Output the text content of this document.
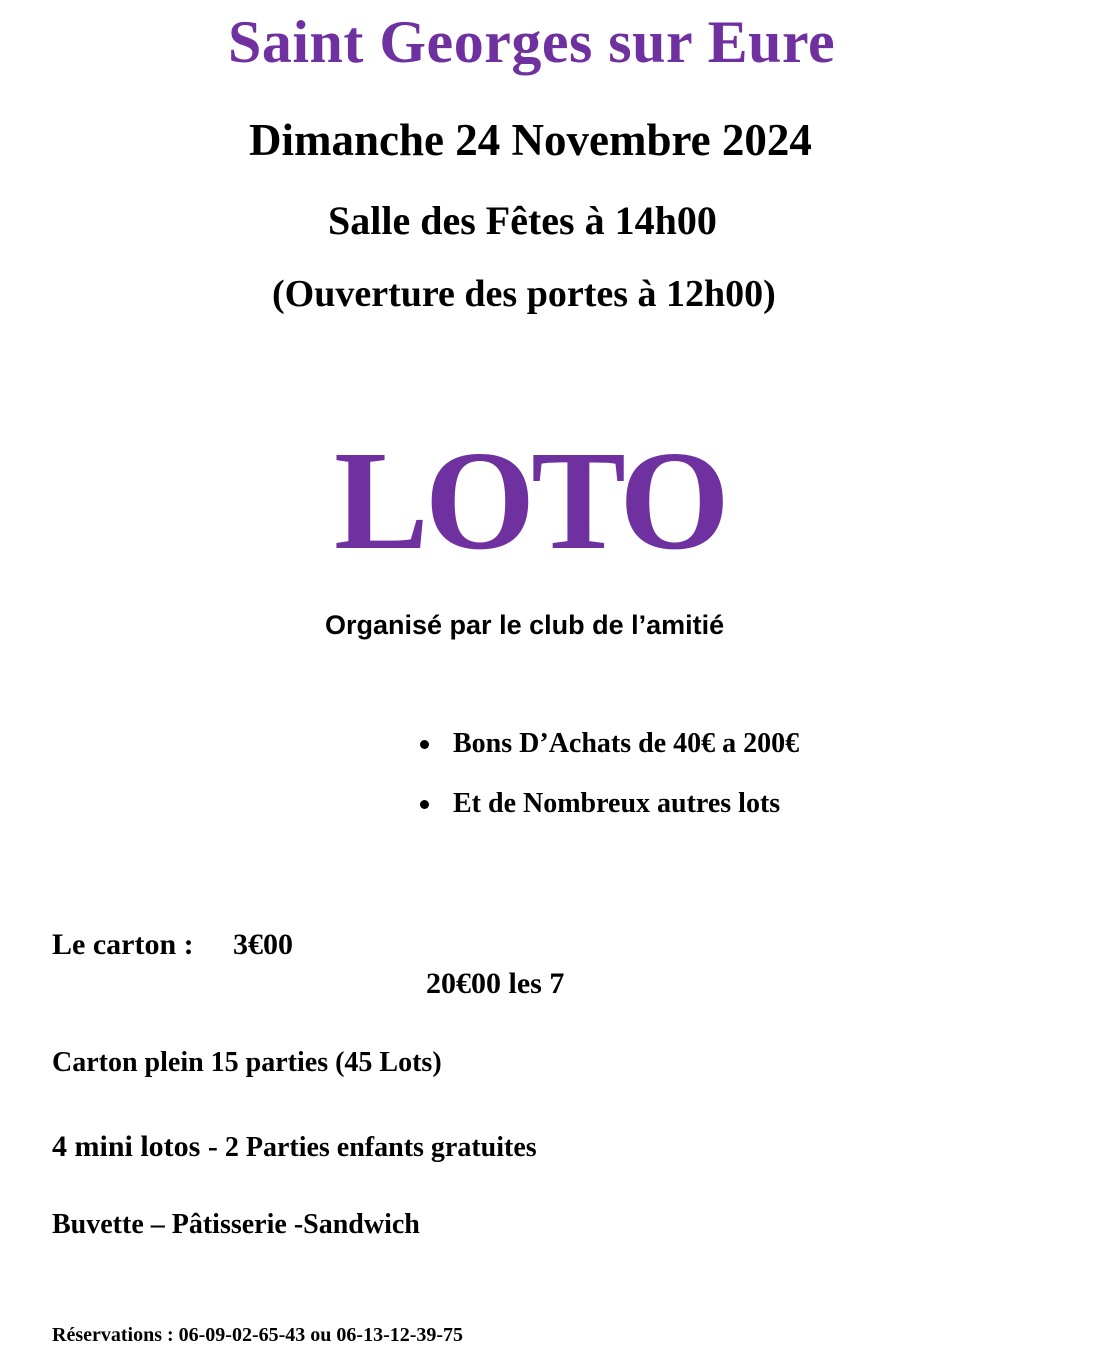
Saint Georges sur Eure
Dimanche 24 Novembre 2024
Salle des Fêtes à 14h00
(Ouverture des portes à 12h00)
LOTO
Organisé par le club de l’amitié
Bons D’Achats de 40€ a 200€
Et de Nombreux autres lots
Le carton : 3€00
20€00 les 7
Carton plein 15 parties (45 Lots)
4 mini lotos - 2 Parties enfants gratuites
Buvette – Pâtisserie -Sandwich
Réservations : 06-09-02-65-43 ou 06-13-12-39-75
